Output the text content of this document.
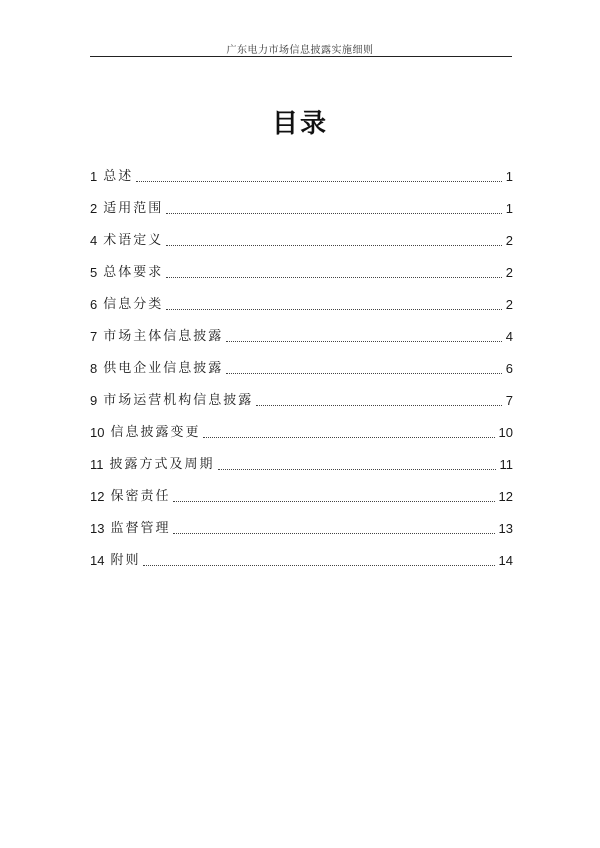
广东电力市场信息披露实施细则
目录
1 总述	1
2 适用范围	1
4 术语定义	2
5 总体要求	2
6 信息分类	2
7 市场主体信息披露	4
8 供电企业信息披露	6
9 市场运营机构信息披露	7
10 信息披露变更	10
11 披露方式及周期	11
12 保密责任	12
13 监督管理	13
14 附则	14
